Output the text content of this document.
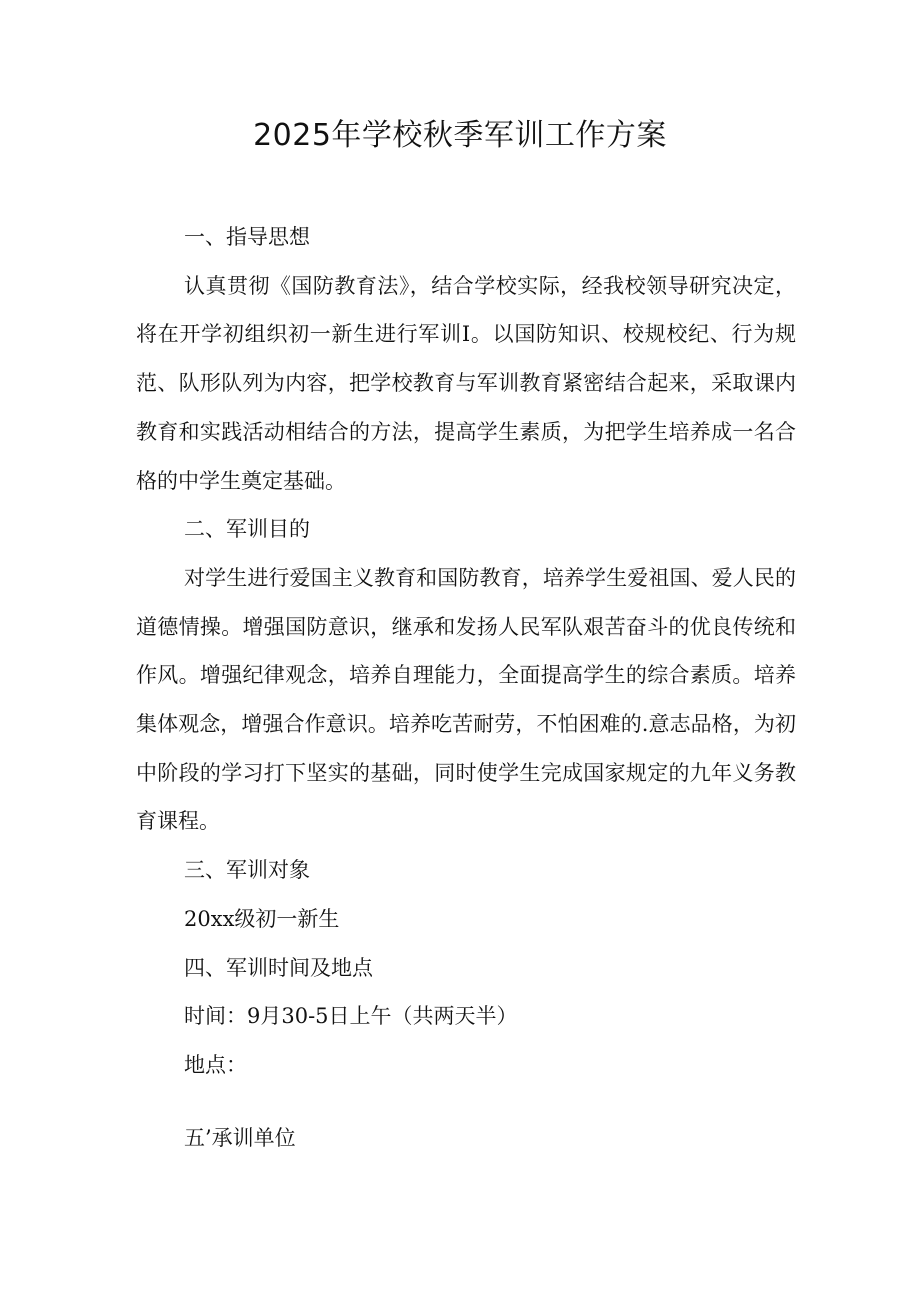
2025年学校秋季军训工作方案

一、指导思想

认真贯彻《国防教育法》，结合学校实际，经我校领导研究决定，将在开学初组织初一新生进行军训I。以国防知识、校规校纪、行为规范、队形队列为内容，把学校教育与军训教育紧密结合起来，采取课内教育和实践活动相结合的方法，提高学生素质，为把学生培养成一名合格的中学生奠定基础。

二、军训目的

对学生进行爱国主义教育和国防教育，培养学生爱祖国、爱人民的道德情操。增强国防意识，继承和发扬人民军队艰苦奋斗的优良传统和作风。增强纪律观念，培养自理能力，全面提高学生的综合素质。培养集体观念，增强合作意识。培养吃苦耐劳，不怕困难的.意志品格，为初中阶段的学习打下坚实的基础，同时使学生完成国家规定的九年义务教育课程。

三、军训对象

20xx级初一新生

四、军训时间及地点

时间：9月30-5日上午（共两天半）

地点：

五’承训单位
